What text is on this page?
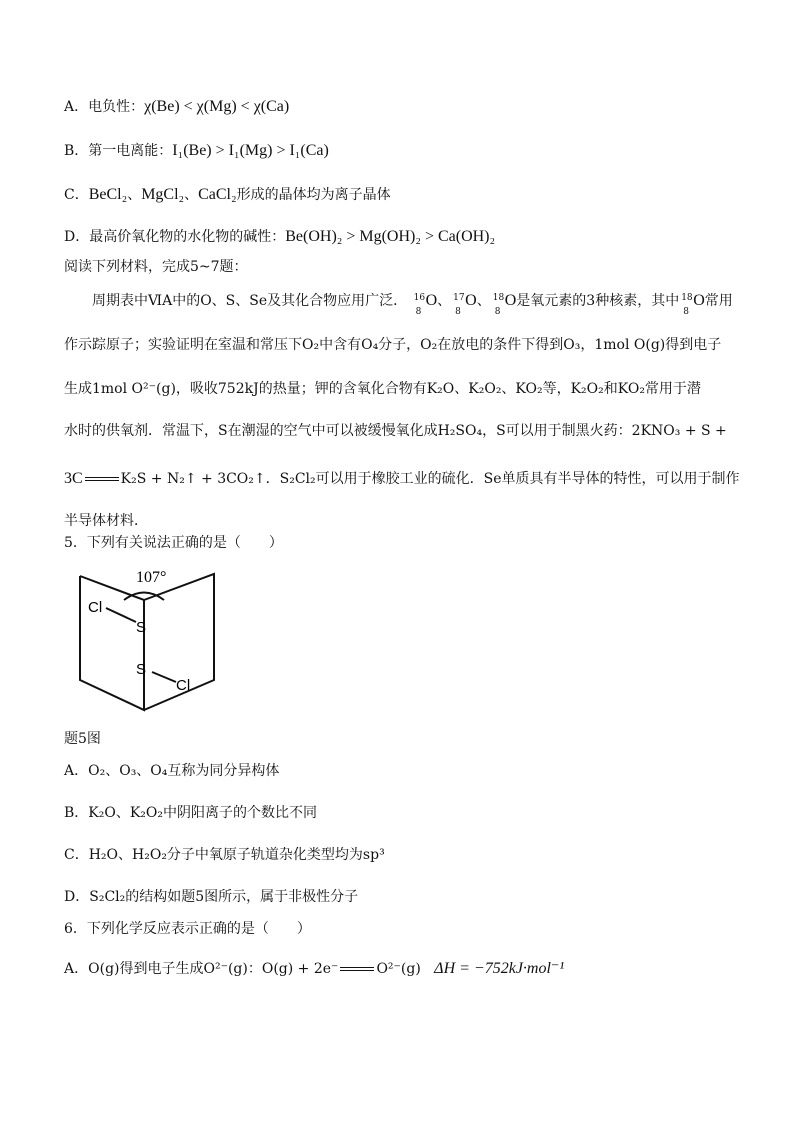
A．电负性：χ(Be) < χ(Mg) < χ(Ca)
B．第一电离能：I₁(Be) > I₁(Mg) > I₁(Ca)
C．BeCl₂、MgCl₂、CaCl₂形成的晶体均为离子晶体
D．最高价氧化物的水化物的碱性：Be(OH)₂ > Mg(OH)₂ > Ca(OH)₂
阅读下列材料，完成5~7题：
周期表中ⅥA中的O、S、Se及其化合物应用广泛． 16
8
O、 17
8
O、 18
8
O是氧元素的3种核素，其中 18
8
O常用
作示踪原子；实验证明在室温和常压下O₂中含有O₄分子，O₂在放电的条件下得到O₃，1mol O(g)得到电子
生成1mol O²⁻(g)，吸收752kJ的热量；钾的含氧化合物有K₂O、K₂O₂、KO₂等，K₂O₂和KO₂常用于潜
水时的供氧剂．常温下，S在潮湿的空气中可以被缓慢氧化成H₂SO₄，S可以用于制黑火药：2KNO₃ + S +
3C	K₂S + N₂↑ + 3CO₂↑．S₂Cl₂可以用于橡胶工业的硫化．Se单质具有半导体的特性，可以用于制作
半导体材料．
5．下列有关说法正确的是（　　）
107°
S
S
Cl
Cl
题5图
A．O₂、O₃、O₄互称为同分异构体
B．K₂O、K₂O₂中阴阳离子的个数比不同
C．H₂O、H₂O₂分子中氧原子轨道杂化类型均为sp³
D．S₂Cl₂的结构如题5图所示，属于非极性分子
6．下列化学反应表示正确的是（　　）
A．O(g)得到电子生成O²⁻(g)：O(g) + 2e⁻	O²⁻(g) ΔH = −752kJ·mol⁻¹
